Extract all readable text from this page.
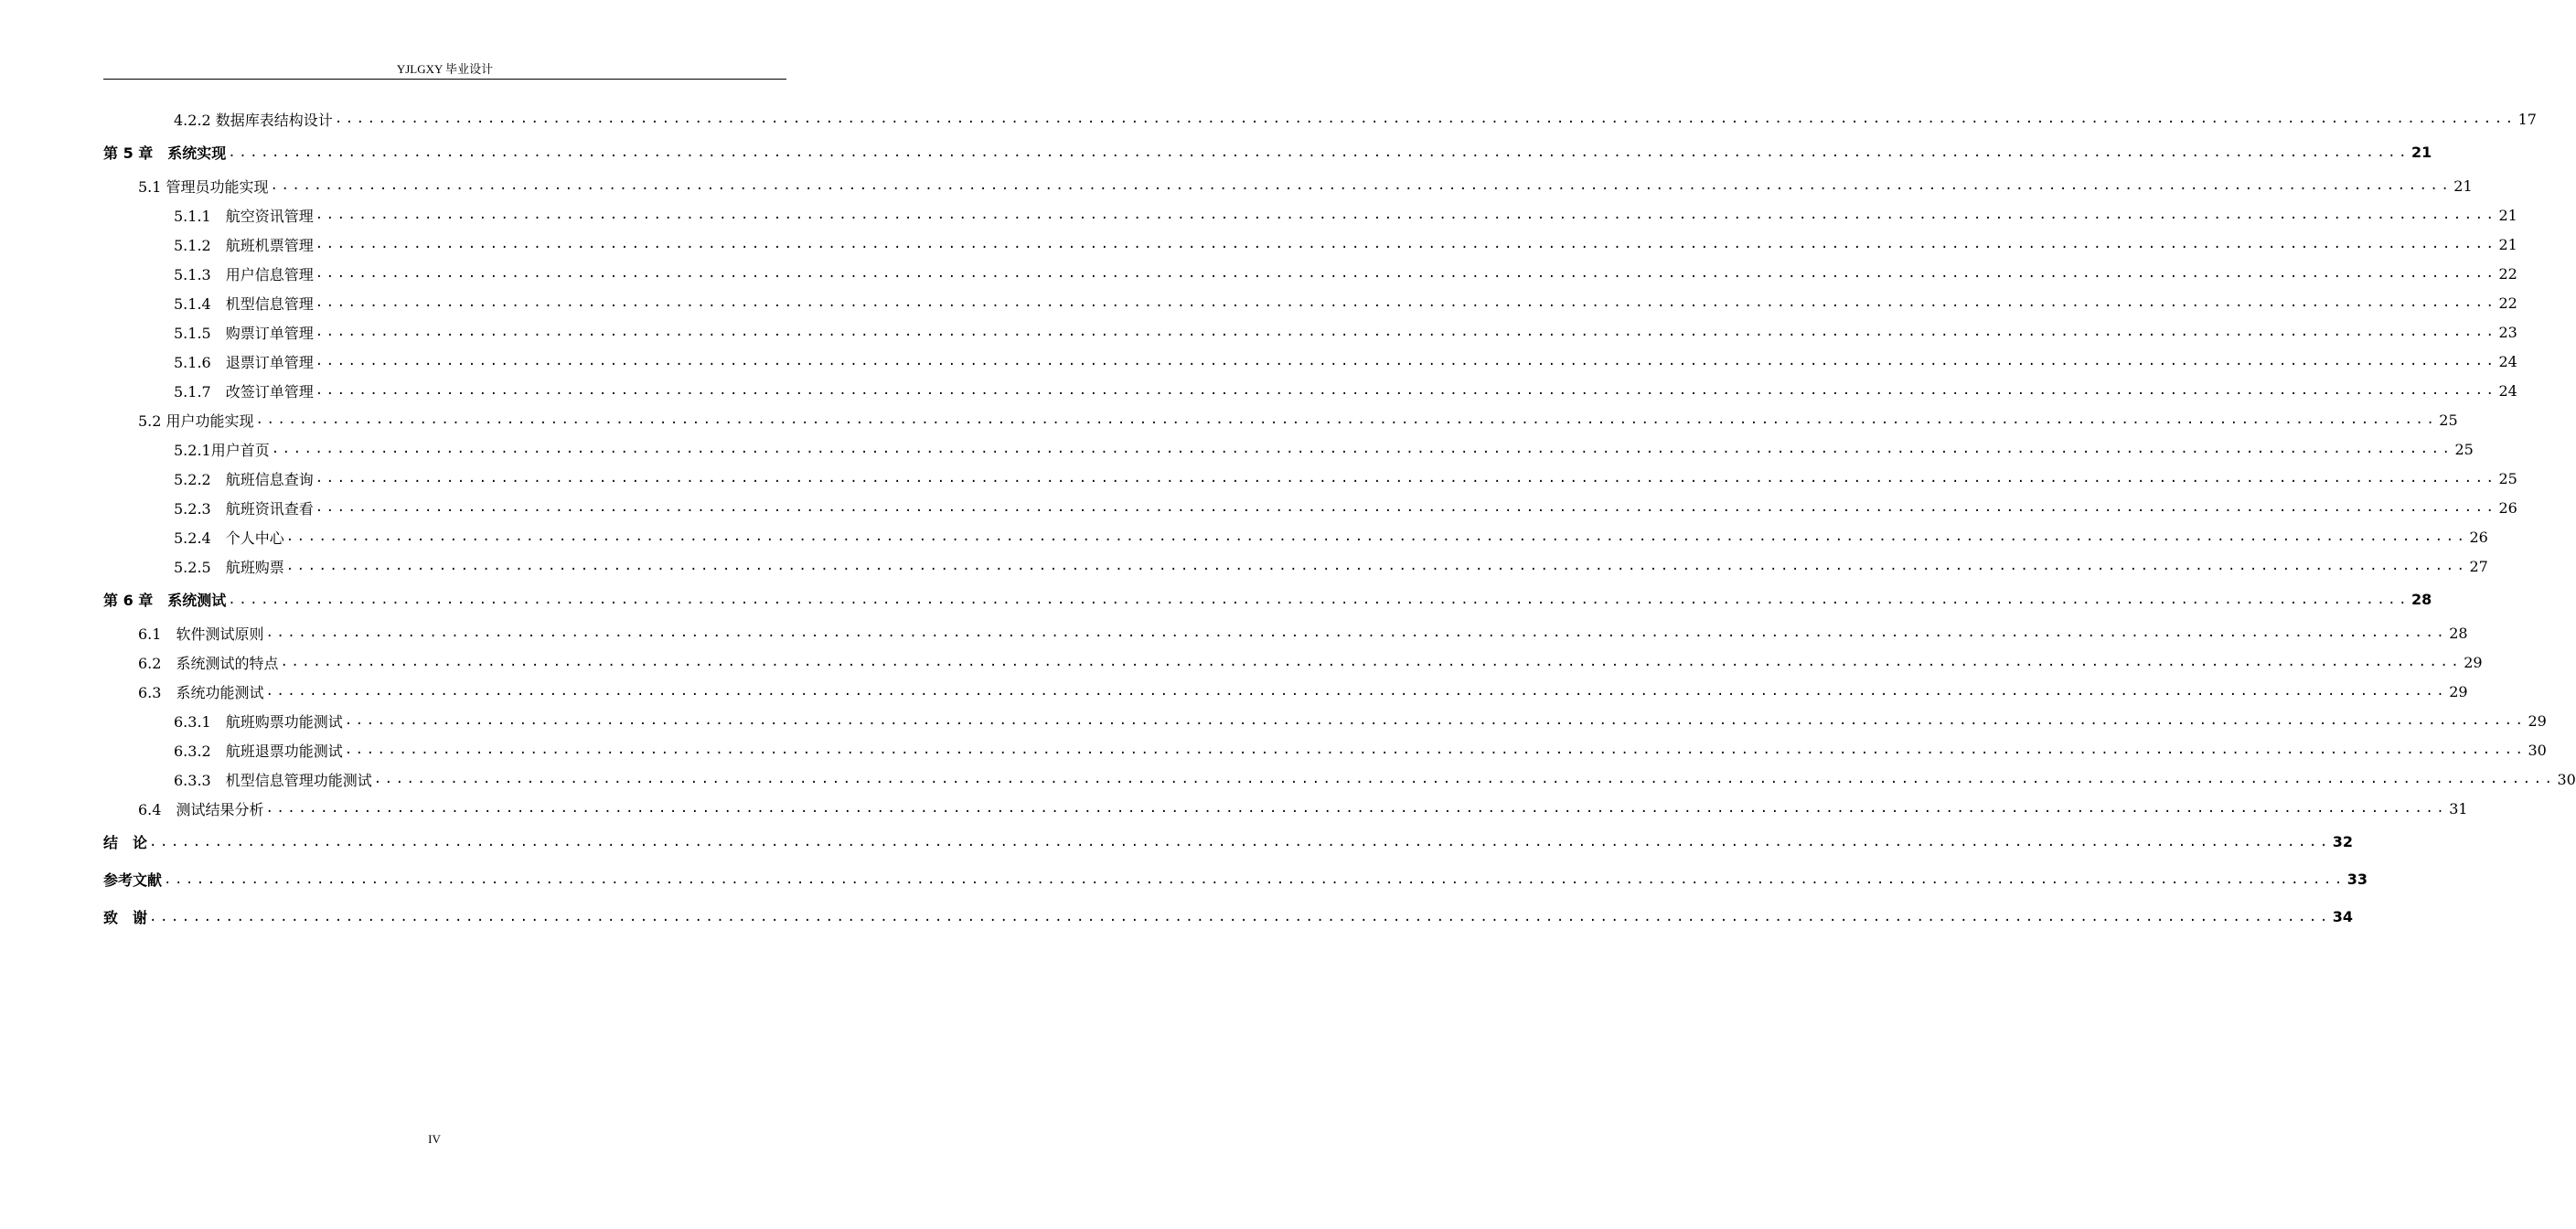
YJLGXY 毕业设计
4.2.2 数据库表结构设计 ........................................................................................................................................................................................................ 17
第 5 章　系统实现 ........................................................................................................................................................................................................ 21
5.1 管理员功能实现 ........................................................................................................................................................................................................ 21
5.1.1　航空资讯管理 ........................................................................................................................................................................................................ 21
5.1.2　航班机票管理 ........................................................................................................................................................................................................ 21
5.1.3　用户信息管理 ........................................................................................................................................................................................................ 22
5.1.4　机型信息管理 ........................................................................................................................................................................................................ 22
5.1.5　购票订单管理 ........................................................................................................................................................................................................ 23
5.1.6　退票订单管理 ........................................................................................................................................................................................................ 24
5.1.7　改签订单管理 ........................................................................................................................................................................................................ 24
5.2 用户功能实现 ........................................................................................................................................................................................................ 25
5.2.1用户首页 ........................................................................................................................................................................................................ 25
5.2.2　航班信息查询 ........................................................................................................................................................................................................ 25
5.2.3　航班资讯查看 ........................................................................................................................................................................................................ 26
5.2.4　个人中心 ........................................................................................................................................................................................................ 26
5.2.5　航班购票 ........................................................................................................................................................................................................ 27
第 6 章　系统测试 ........................................................................................................................................................................................................ 28
6.1　软件测试原则 ........................................................................................................................................................................................................ 28
6.2　系统测试的特点 ........................................................................................................................................................................................................ 29
6.3　系统功能测试 ........................................................................................................................................................................................................ 29
6.3.1　航班购票功能测试 ........................................................................................................................................................................................................ 29
6.3.2　航班退票功能测试 ........................................................................................................................................................................................................ 30
6.3.3　机型信息管理功能测试 ........................................................................................................................................................................................................ 30
6.4　测试结果分析 ........................................................................................................................................................................................................ 31
结　论 ........................................................................................................................................................................................................ 32
参考文献 ........................................................................................................................................................................................................ 33
致　谢 ........................................................................................................................................................................................................ 34
IV
